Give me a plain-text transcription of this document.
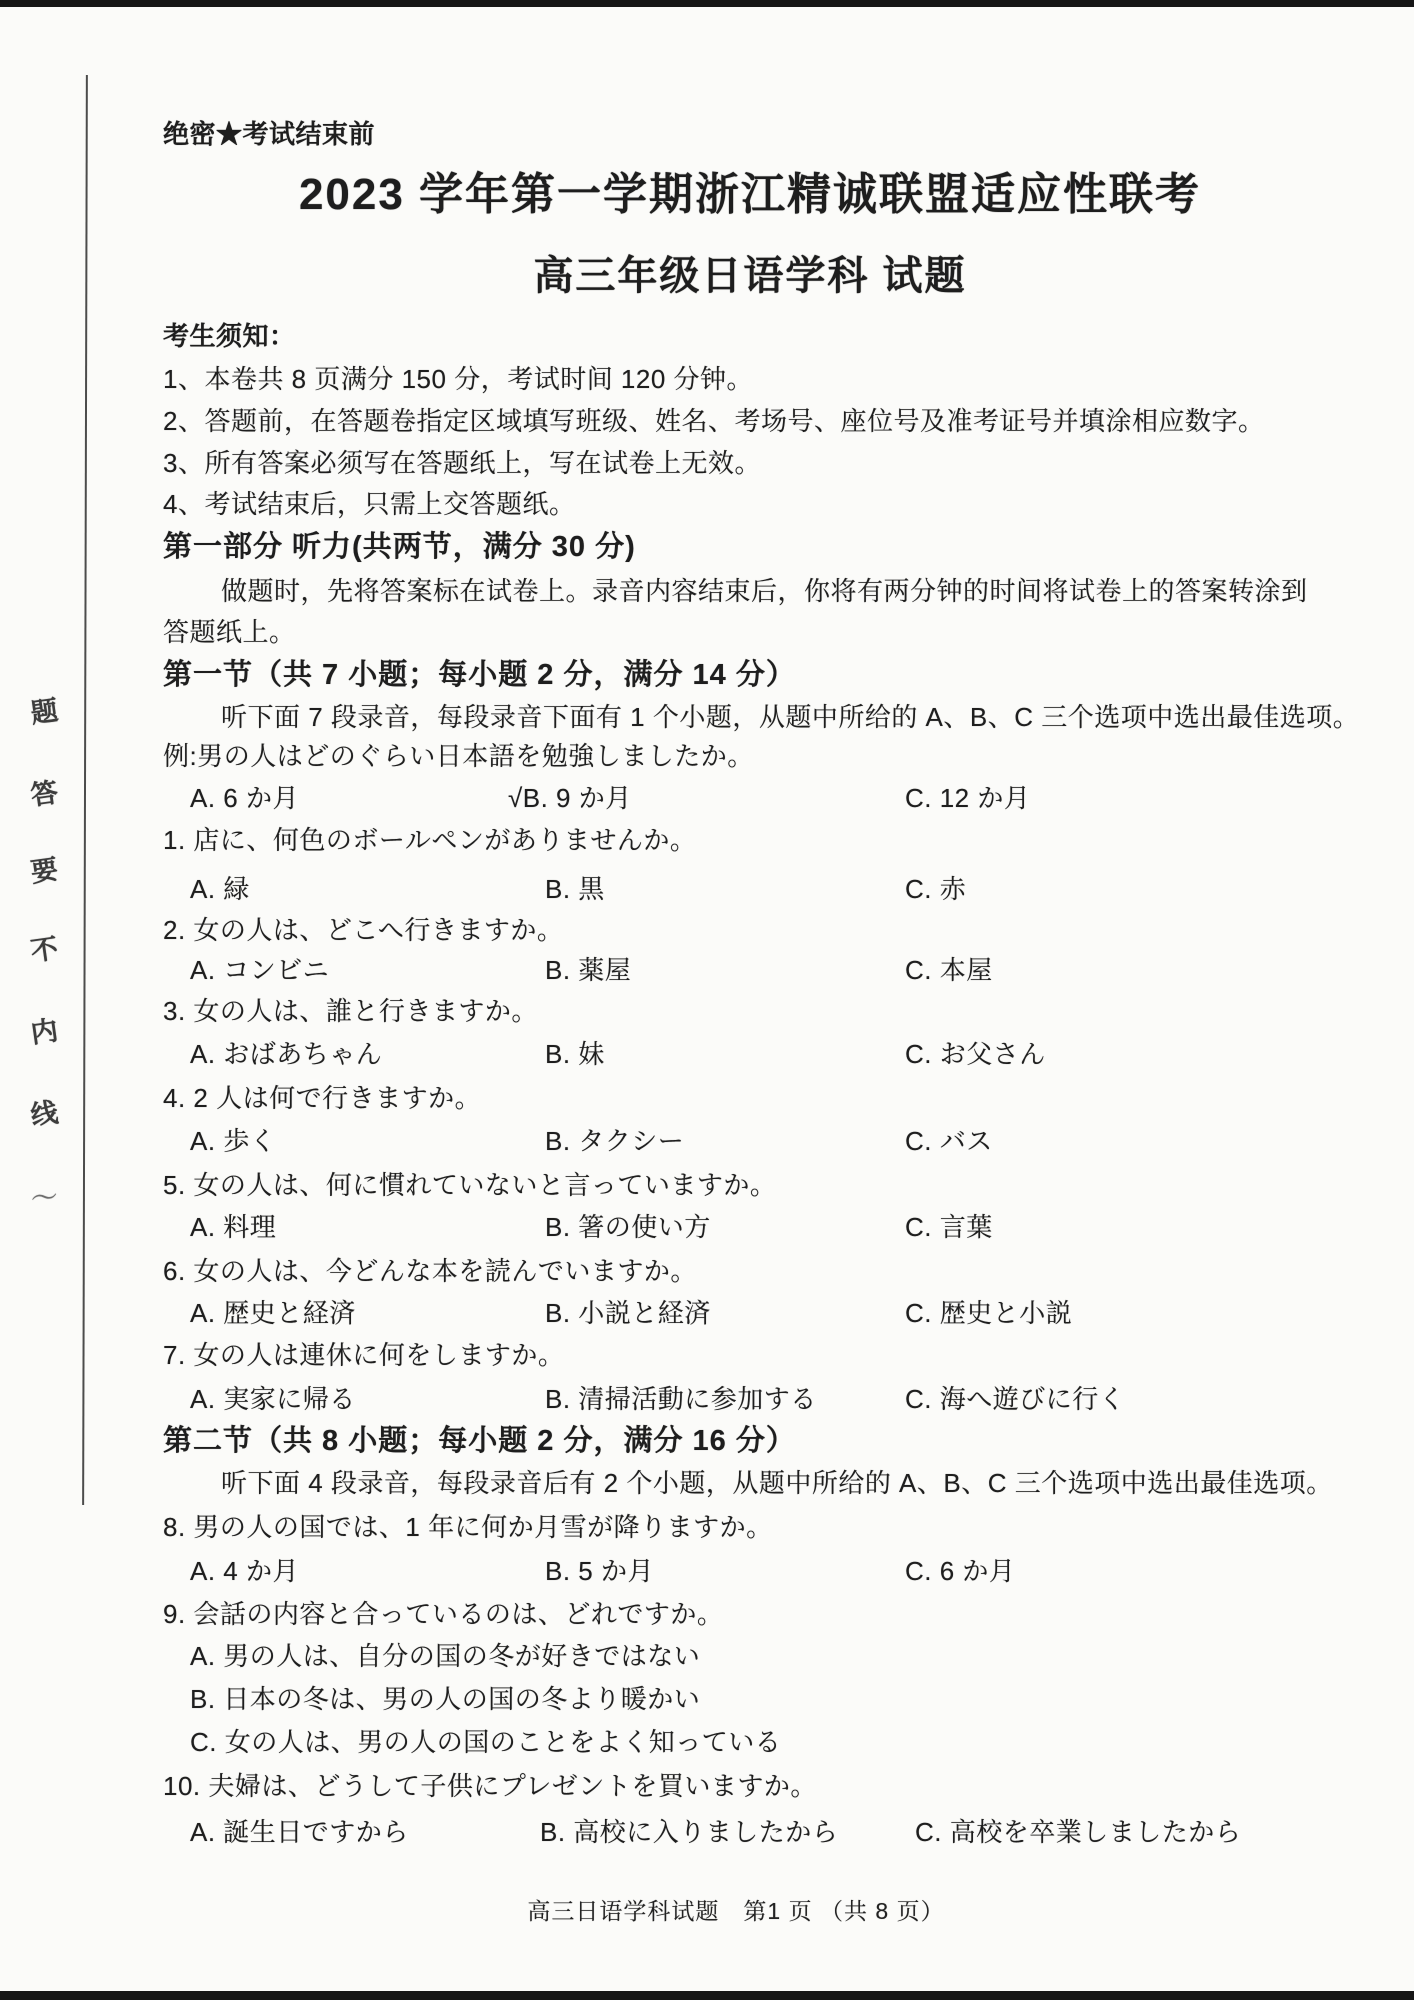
题
答
要
不
内
线
〜
绝密★考试结束前
2023 学年第一学期浙江精诚联盟适应性联考
高三年级日语学科 试题
考生须知：
1、本卷共 8 页满分 150 分，考试时间 120 分钟。
2、答题前，在答题卷指定区域填写班级、姓名、考场号、座位号及准考证号并填涂相应数字。
3、所有答案必须写在答题纸上，写在试卷上无效。
4、考试结束后，只需上交答题纸。
第一部分 听力(共两节，满分 30 分)
做题时，先将答案标在试卷上。录音内容结束后，你将有两分钟的时间将试卷上的答案转涂到
答题纸上。
第一节（共 7 小题；每小题 2 分，满分 14 分）
听下面 7 段录音，每段录音下面有 1 个小题，从题中所给的 A、B、C 三个选项中选出最佳选项。
例:男の人はどのぐらい日本語を勉強しましたか。
A. 6 か月	√B. 9 か月	C. 12 か月
1. 店に、何色のボールペンがありませんか。
A. 緑	B. 黒	C. 赤
2. 女の人は、どこへ行きますか。
A. コンビニ	B. 薬屋	C. 本屋
3. 女の人は、誰と行きますか。
A. おばあちゃん	B. 妹	C. お父さん
4. 2 人は何で行きますか。
A. 歩く	B. タクシー	C. バス
5. 女の人は、何に慣れていないと言っていますか。
A. 料理	B. 箸の使い方	C. 言葉
6. 女の人は、今どんな本を読んでいますか。
A. 歴史と経済	B. 小説と経済	C. 歴史と小説
7. 女の人は連休に何をしますか。
A. 実家に帰る	B. 清掃活動に参加する	C. 海へ遊びに行く
第二节（共 8 小题；每小题 2 分，满分 16 分）
听下面 4 段录音，每段录音后有 2 个小题，从题中所给的 A、B、C 三个选项中选出最佳选项。
8. 男の人の国では、1 年に何か月雪が降りますか。
A. 4 か月	B. 5 か月	C. 6 か月
9. 会話の内容と合っているのは、どれですか。
A. 男の人は、自分の国の冬が好きではない
B. 日本の冬は、男の人の国の冬より暖かい
C. 女の人は、男の人の国のことをよく知っている
10. 夫婦は、どうして子供にプレゼントを買いますか。
A. 誕生日ですから	B. 高校に入りましたから	C. 高校を卒業しましたから
高三日语学科试题　第1 页 （共 8 页）
